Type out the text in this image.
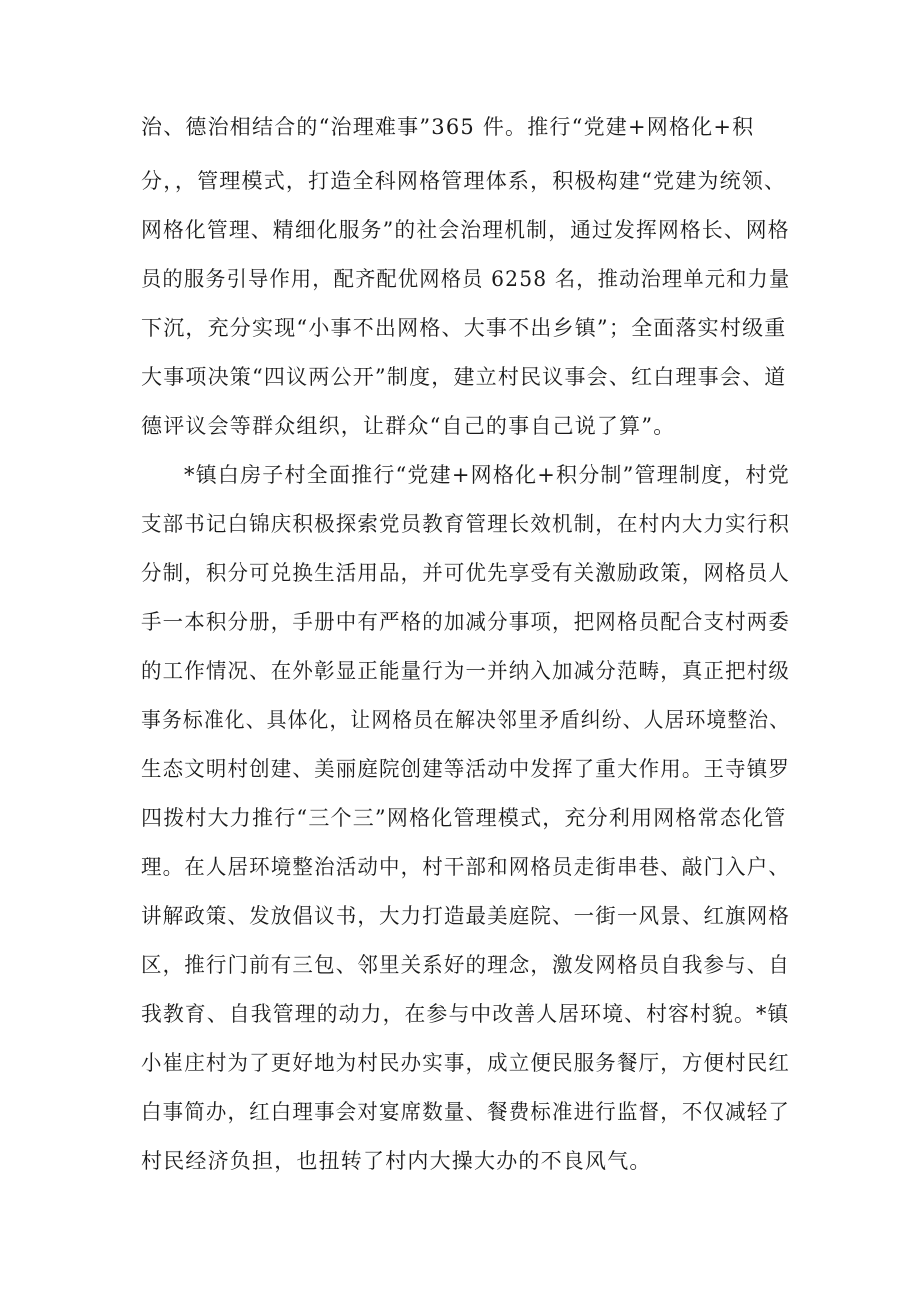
治、德治相结合的“治理难事”365 件。推行“党建+网格化+积
分，，管理模式，打造全科网格管理体系，积极构建“党建为统领、
网格化管理、精细化服务”的社会治理机制，通过发挥网格长、网格
员的服务引导作用，配齐配优网格员 6258 名，推动治理单元和力量
下沉，充分实现“小事不出网格、大事不出乡镇”；全面落实村级重
大事项决策“四议两公开”制度，建立村民议事会、红白理事会、道
德评议会等群众组织，让群众“自己的事自己说了算”。
*镇白房子村全面推行“党建+网格化+积分制”管理制度，村党
支部书记白锦庆积极探索党员教育管理长效机制，在村内大力实行积
分制，积分可兑换生活用品，并可优先享受有关激励政策，网格员人
手一本积分册，手册中有严格的加减分事项，把网格员配合支村两委
的工作情况、在外彰显正能量行为一并纳入加减分范畴，真正把村级
事务标准化、具体化，让网格员在解决邻里矛盾纠纷、人居环境整治、
生态文明村创建、美丽庭院创建等活动中发挥了重大作用。王寺镇罗
四拨村大力推行“三个三”网格化管理模式，充分利用网格常态化管
理。在人居环境整治活动中，村干部和网格员走街串巷、敲门入户、
讲解政策、发放倡议书，大力打造最美庭院、一街一风景、红旗网格
区，推行门前有三包、邻里关系好的理念，激发网格员自我参与、自
我教育、自我管理的动力，在参与中改善人居环境、村容村貌。*镇
小崔庄村为了更好地为村民办实事，成立便民服务餐厅，方便村民红
白事简办，红白理事会对宴席数量、餐费标准进行监督，不仅减轻了
村民经济负担，也扭转了村内大操大办的不良风气。
